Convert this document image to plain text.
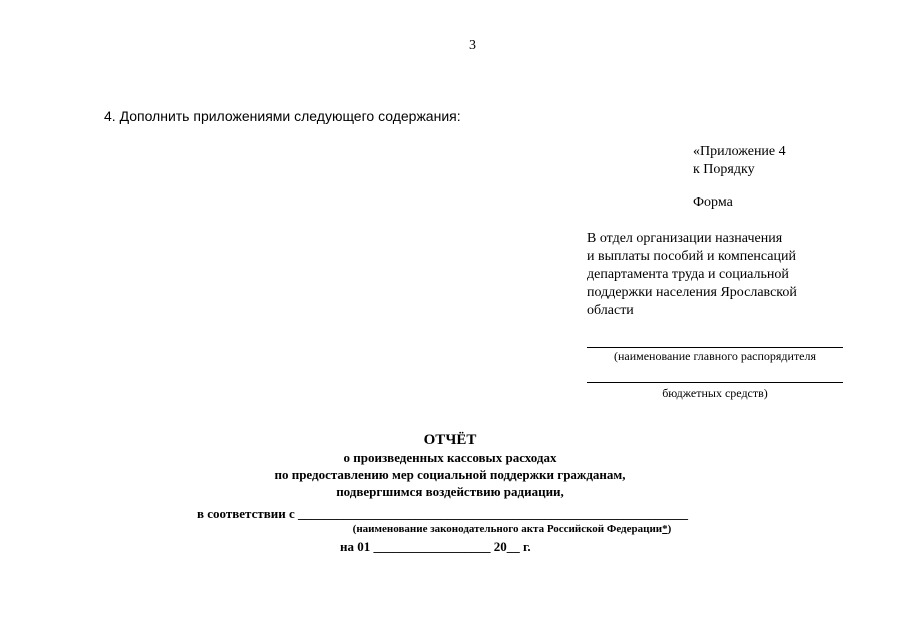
3
4. Дополнить приложениями следующего содержания:
«Приложение 4
к Порядку
Форма
В отдел организации назначения
и выплаты пособий и компенсаций
департамента труда и социальной
поддержки населения Ярославской
области
(наименование главного распорядителя
бюджетных средств)
ОТЧЁТ
о произведенных кассовых расходах
по предоставлению мер социальной поддержки гражданам,
подвергшимся воздействию радиации,
в соответствии с ____________________________________________________________
(наименование законодательного акта Российской Федерации*)
на 01 __________________ 20__ г.
